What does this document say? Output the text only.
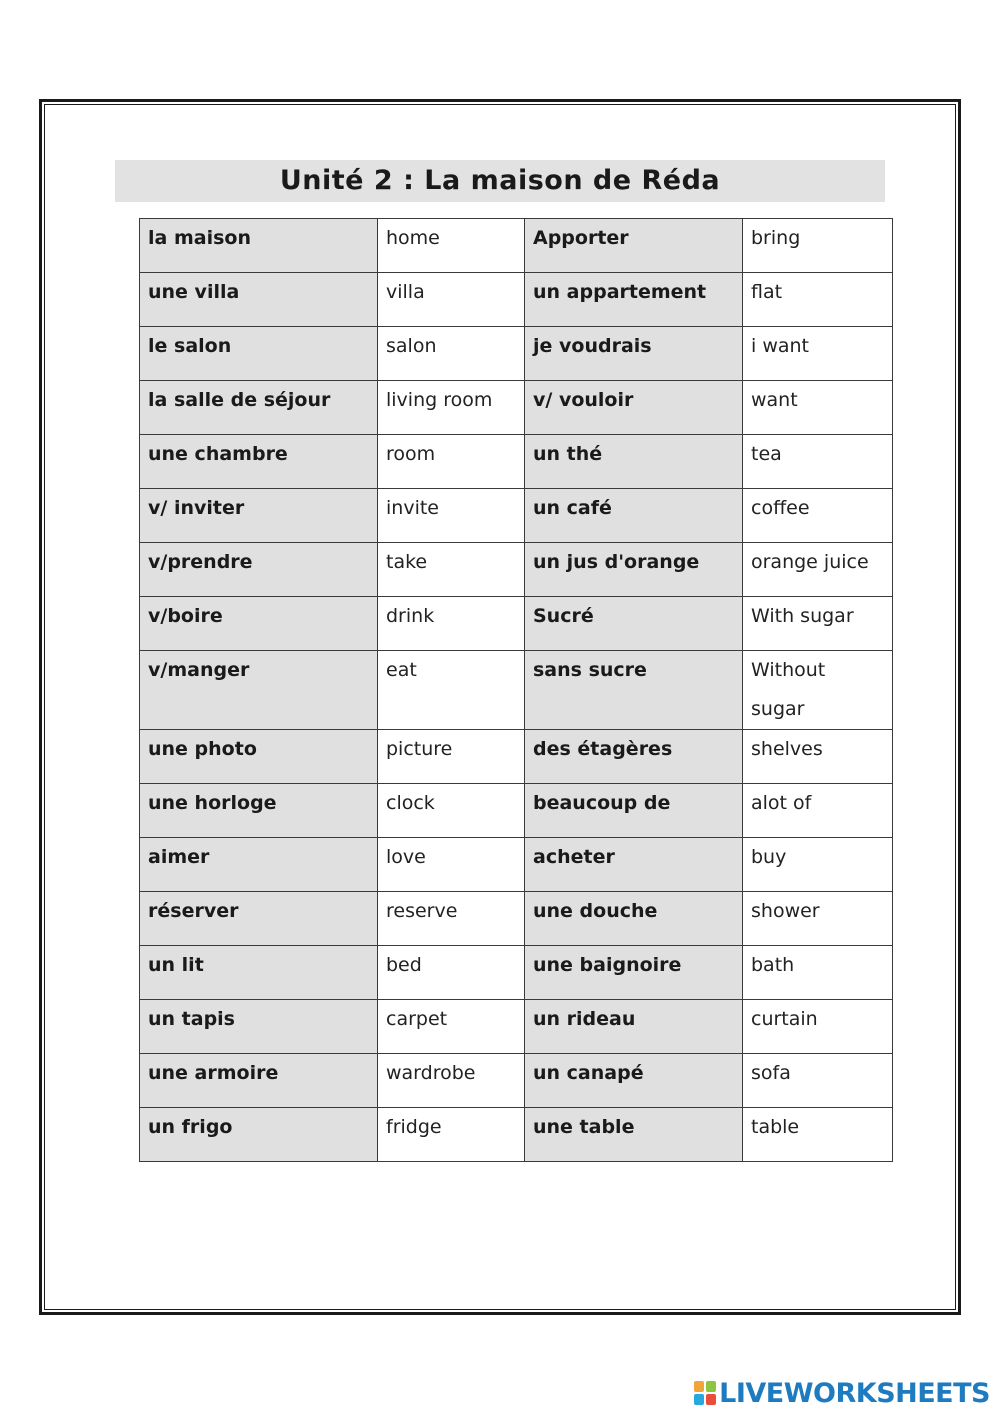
Unité 2 : La maison de Réda
la maison	home	Apporter	bring
une villa	villa	un appartement	flat
le salon	salon	je voudrais	i want
la salle de séjour	living room	v/ vouloir	want
une chambre	room	un thé	tea
v/ inviter	invite	un café	coffee
v/prendre	take	un jus d'orange	orange juice
v/boire	drink	Sucré	With sugar
v/manger	eat	sans sucre	Without sugar
une photo	picture	des étagères	shelves
une horloge	clock	beaucoup de	alot of
aimer	love	acheter	buy
réserver	reserve	une douche	shower
un lit	bed	une baignoire	bath
un tapis	carpet	un rideau	curtain
une armoire	wardrobe	un canapé	sofa
un frigo	fridge	une table	table
LIVEWORKSHEETS
